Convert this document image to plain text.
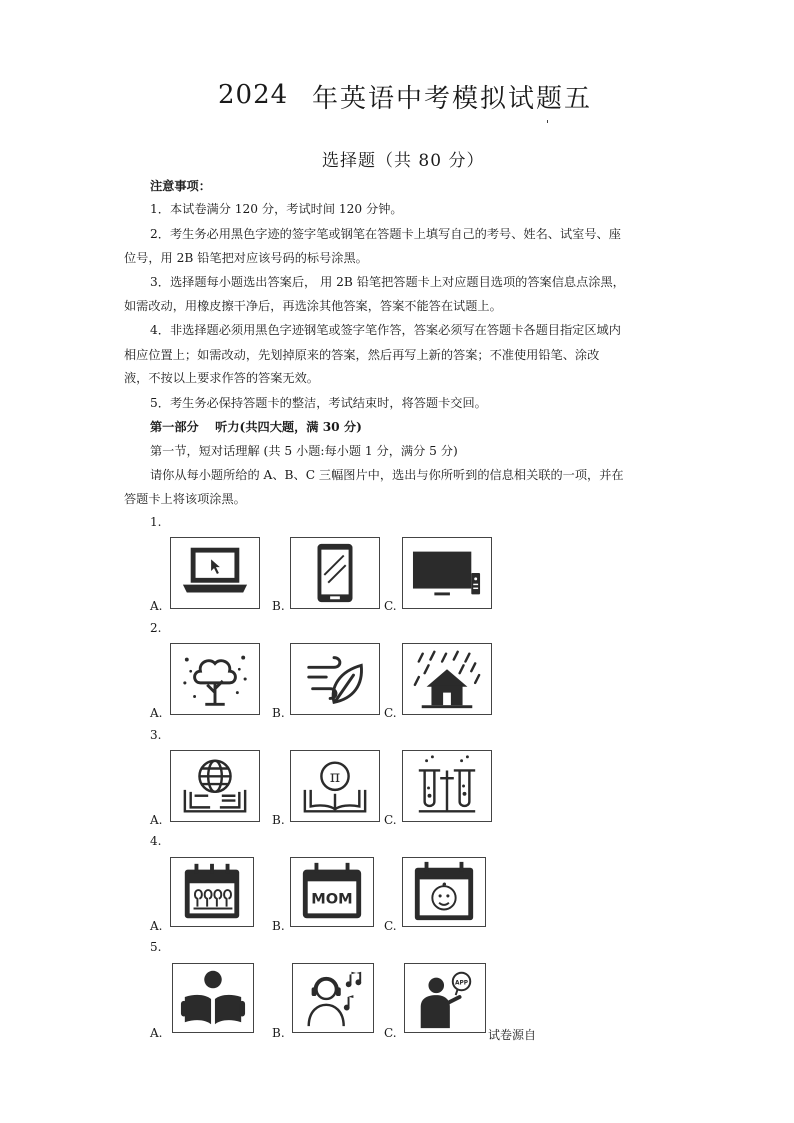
2024 年英语中考模拟试题五
'
选择题（共 80 分）
注意事项：
1．本试卷满分 120 分，考试时间 120 分钟。
2．考生务必用黑色字迹的签字笔或钢笔在答题卡上填写自己的考号、姓名、试室号、座
位号，用 2B 铅笔把对应该号码的标号涂黑。
3．选择题每小题选出答案后， 用 2B 铅笔把答题卡上对应题目选项的答案信息点涂黑，
如需改动，用橡皮擦干净后，再选涂其他答案，答案不能答在试题上。
4．非选择题必须用黑色字迹钢笔或签字笔作答，答案必须写在答题卡各题目指定区域内
相应位置上；如需改动，先划掉原来的答案，然后再写上新的答案；不准使用铅笔、涂改
液，不按以上要求作答的答案无效。
5．考生务必保持答题卡的整洁，考试结束时，将答题卡交回。
第一部分　 听力(共四大题，满 30 分)
第一节，短对话理解 (共 5 小题:每小题 1 分，满分 5 分)
请你从每小题所给的 A、B、C 三幅图片中，选出与你所听到的信息相关联的一项，并在
答题卡上将该项涂黑。
1.
A.	B.	C.
2.
A.	B.	C.
3.
A.	B.
π
C.
4.
A.	B.
MOM
C.
5.
A.	B.	C.
APP
试卷源自
